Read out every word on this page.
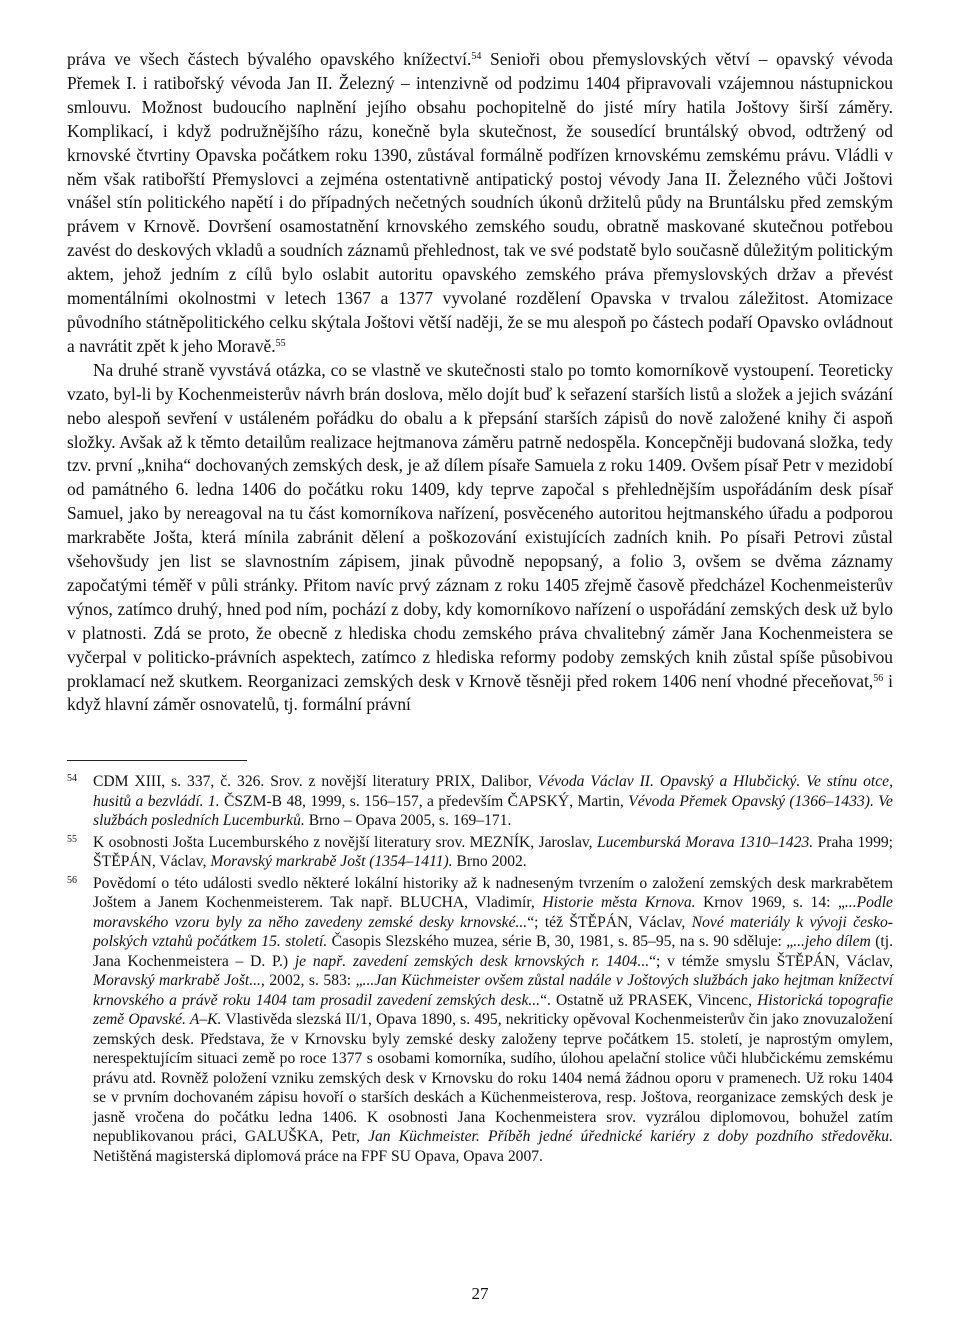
práva ve všech částech bývalého opavského knížectví.$^{54}$ Senioři obou přemyslovských větví – opavský vévoda Přemek I. i ratibořský vévoda Jan II. Železný – intenzivně od podzimu 1404 připravovali vzájemnou nástupnickou smlouvu. Možnost budoucího naplnění jejího obsahu pochopitelně do jisté míry hatila Joštovy širší záměry. Komplikací, i když podružnějšího rázu, konečně byla skutečnost, že sousedící bruntálský obvod, odtržený od krnovské čtvrtiny Opavska počátkem roku 1390, zůstával formálně podřízen krnovskému zemskému právu. Vládli v něm však ratibořští Přemyslovci a zejména ostentativně antipatický postoj vévody Jana II. Železného vůči Joštovi vnášel stín politického napětí i do případných nečetných soudních úkonů držitelů půdy na Bruntálsku před zemským právem v Krnově. Dovršení osamostatnění krnovského zemského soudu, obratně maskované skutečnou potřebou zavést do deskových vkladů a soudních záznamů přehlednost, tak ve své podstatě bylo současně důležitým politickým aktem, jehož jedním z cílů bylo oslabit autoritu opavského zemského práva přemyslovských držav a převést momentálními okolnostmi v letech 1367 a 1377 vyvolané rozdělení Opavska v trvalou záležitost. Atomizace původního státněpolitického celku skýtala Joštovi větší naději, že se mu alespoň po částech podaří Opavsko ovládnout a navrátit zpět k jeho Moravě.$^{55}$

Na druhé straně vyvstává otázka, co se vlastně ve skutečnosti stalo po tomto komorníkově vystoupení. Teoreticky vzato, byl-li by Kochenmeisterův návrh brán doslova, mělo dojít buď k seřazení starších listů a složek a jejich svázání nebo alespoň sevření v ustáleném pořádku do obalu a k přepsání starších zápisů do nově založené knihy či aspoň složky. Avšak až k těmto detailům realizace hejtmanova záměru patrně nedospěla. Koncepčněji budovaná složka, tedy tzv. první „kniha“ dochovaných zemských desk, je až dílem písaře Samuela z roku 1409. Ovšem písař Petr v mezidobí od památného 6. ledna 1406 do počátku roku 1409, kdy teprve započal s přehlednějším uspořádáním desk písař Samuel, jako by nereagoval na tu část komorníkova nařízení, posvěceného autoritou hejtmanského úřadu a podporou markraběte Jošta, která mínila zabránit dělení a poškozování existujících zadních knih. Po písaři Petrovi zůstal všehovšudy jen list se slavnostním zápisem, jinak původně nepopsaný, a folio 3, ovšem se dvěma záznamy započatými téměř v půli stránky. Přitom navíc prvý záznam z roku 1405 zřejmě časově předcházel Kochenmeisterův výnos, zatímco druhý, hned pod ním, pochází z doby, kdy komorníkovo nařízení o uspořádání zemských desk už bylo v platnosti. Zdá se proto, že obecně z hlediska chodu zemského práva chvalitebný záměr Jana Kochenmeistera se vyčerpal v politicko-právních aspektech, zatímco z hlediska reformy podoby zemských knih zůstal spíše působivou proklamací než skutkem. Reorganizaci zemských desk v Krnově těsněji před rokem 1406 není vhodné přeceňovat,$^{56}$ i když hlavní záměr osnovatelů, tj. formální právní

54 CDM XIII, s. 337, č. 326. Srov. z novější literatury PRIX, Dalibor, Vévoda Václav II. Opavský a Hlubčický. Ve stínu otce, husitů a bezvládí. 1. ČSZM-B 48, 1999, s. 156–157, a především ČAPSKÝ, Martin, Vévoda Přemek Opavský (1366–1433). Ve službách posledních Lucemburků. Brno – Opava 2005, s. 169–171.
55 K osobnosti Jošta Lucemburského z novější literatury srov. MEZNÍK, Jaroslav, Lucemburská Morava 1310–1423. Praha 1999; ŠTĚPÁN, Václav, Moravský markrabě Jošt (1354–1411). Brno 2002.
56 Povědomí o této události svedlo některé lokální historiky až k nadneseným tvrzením o založení zemských desk markrabětem Joštem a Janem Kochenmeisterem. Tak např. BLUCHA, Vladimír, Historie města Krnova. Krnov 1969, s. 14: „...Podle moravského vzoru byly za něho zavedeny zemské desky krnovské...“; též ŠTĚPÁN, Václav, Nové materiály k vývoji česko-polských vztahů počátkem 15. století. Časopis Slezského muzea, série B, 30, 1981, s. 85–95, na s. 90 sděluje: „...jeho dílem (tj. Jana Kochenmeistera – D. P.) je např. zavedení zemských desk krnovských r. 1404...“; v témže smyslu ŠTĚPÁN, Václav, Moravský markrabě Jošt..., 2002, s. 583: „...Jan Küchmeister ovšem zůstal nadále v Joštových službách jako hejtman knížectví krnovského a právě roku 1404 tam prosadil zavedení zemských desk...“. Ostatně už PRASEK, Vincenc, Historická topografie země Opavské. A–K. Vlastivěda slezská II/1, Opava 1890, s. 495, nekriticky opěvoval Kochenmeisterův čin jako znovuzaložení zemských desk. Představa, že v Krnovsku byly zemské desky založeny teprve počátkem 15. století, je naprostým omylem, nerespektujícím situaci země po roce 1377 s osobami komorníka, sudího, úlohou apelační stolice vůči hlubčickému zemskému právu atd. Rovněž položení vzniku zemských desk v Krnovsku do roku 1404 nemá žádnou oporu v pramenech. Už roku 1404 se v prvním dochovaném zápisu hovoří o starších deskách a Küchenmeisterova, resp. Joštova, reorganizace zemských desk je jasně vročena do počátku ledna 1406. K osobnosti Jana Kochenmeistera srov. vyzrálou diplomovou, bohužel zatím nepublikovanou práci, GALUŠKA, Petr, Jan Küchmeister. Příběh jedné úřednické kariéry z doby pozdního středověku. Netištěná magisterská diplomová práce na FPF SU Opava, Opava 2007.
27
